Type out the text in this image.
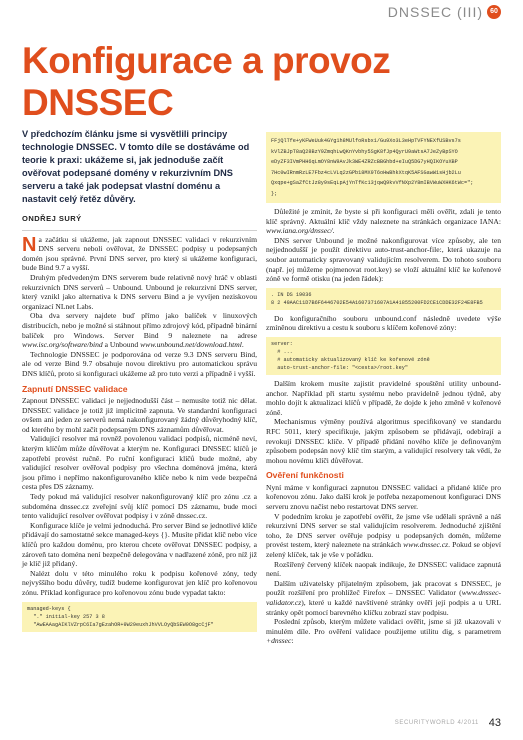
DNSSEC (III)	60
Konfigurace a provoz DNSSEC
V předchozím článku jsme si vysvětlili principy technologie DNSSEC. V tomto díle se dostáváme od teorie k praxi: ukážeme si, jak jednoduše začít ověřovat podepsané domény v rekurzivním DNS serveru a také jak podepsat vlastní doménu a nastavit celý řetěz důvěry.
ONDŘEJ SURÝ

Na začátku si ukážeme, jak zapnout DNSSEC validaci v rekurzivním DNS serveru neboli ověřovat, že DNSSEC podpisy u podepsaných domén jsou správné. První DNS server, pro který si ukážeme konfiguraci, bude Bind 9.7 a vyšší.

Druhým předvedeným DNS serverem bude relativně nový hráč v oblasti rekurzivních DNS serverů – Unbound. Unbound je rekurzivní DNS server, který vznikl jako alternativa k DNS serveru Bind a je vyvíjen neziskovou organizací NLnet Labs.

Oba dva servery najdete buď přímo jako balíček v linuxových distribucích, nebo je možné si stáhnout přímo zdrojový kód, případně binární balíček pro Windows. Server Bind 9 naleznete na adrese www.isc.org/software/bind a Unbound www.unbound.net/download.html.

Technologie DNSSEC je podporována od verze 9.3 DNS serveru Bind, ale od verze Bind 9.7 obsahuje novou direktivu pro automatickou správu DNS klíčů, proto si konfiguraci ukážeme až pro tuto verzi a případně i vyšší.

Zapnutí DNSSEC validace

Zapnout DNSSEC validaci je nejjednodušší část – nemusíte totiž nic dělat. DNSSEC validace je totiž již implicitně zapnuta. Ve standardní konfiguraci ovšem ani jeden ze serverů nemá nakonfigurovaný žádný důvěryhodný klíč, od kterého by mohl začít podepsaným DNS záznamům důvěřovat.

Validující resolver má rovněž povolenou validaci podpisů, nicméně neví, kterým klíčům může důvěřovat a kterým ne. Konfiguraci DNSSEC klíčů je zapotřebí provést ručně. Po ruční konfiguraci klíčů bude možné, aby validující resolver ověřoval podpisy pro všechna doménová jména, která jsou přímo i nepřímo nakonfigurovaného klíče nebo k nim vede bezpečná cesta přes DS záznamy.

Tedy pokud má validující resolver nakonfigurovaný klíč pro zónu .cz a subdoména dnssec.cz zveřejní svůj klíč pomocí DS záznamu, bude moci tento validující resolver ověřovat podpisy i v zóně dnssec.cz.

Konfigurace klíče je velmi jednoduchá. Pro server Bind se jednotlivé klíče přidávají do samostatné sekce managed-keys {}. Musíte přidat klíč nebo více klíčů pro každou doménu, pro kterou chcete ověřovat DNSSEC podpisy, a zároveň tato doména není bezpečně delegována v nadřazené zóně, pro níž již je klíč již přidaný.

Nalézt dolu v této minulého roku k podpisu kořenové zóny, tedy nejvyššího bodu důvěry, tudíž budeme konfigurovat jen klíč pro kořenovou zónu. Příklad konfigurace pro kořenovou zónu bude vypadat takto:

managed-keys {
"." initial-key 257 3 8
"AwEAAagAIKlVZrpC6Ia7gEzahOR+9W29euxhJhVVLOyQbSEW0O8gcCjF"
FFjQlTfe+yKFWeUuk4GYg1h8MUlfoRsbx1/Gu9Xo3L3eHpTVFYNEXfUSBvs7s
kVlZBJpT8aQ28BzY9ZmqhLwQKnYvbhy5SgK8fJp4QyrU9aWtsA7JeZyBpSYO
eDyZF3IVmPHH6qLmOY8nW9AvJk3WE4ZRZcBBGhbd+eIuQ5DG7yHQIKOYuXBP
7Hc0wIRnmRzLE7Fbz4cLVLq2zGPb18MX9T6oHwBhkXtqK5AFSGawW1sHjb2Lu
Qxqpe+gSaZfCtJz8y9sEqLpAjYnTfKc13jqwQ9kvVfNXp2Y8mIBVWuWXHK6tWc=";
};

Důležité je zmínit, že byste si při konfiguraci měli ověřit, zdali je tento klíč správný. Aktuální klíč vždy naleznete na stránkách organizace IANA: www.iana.org/dnssec/.

DNS server Unbound je možné nakonfigurovat více způsoby, ale ten nejjednodušší je použít direktivu auto-trust-anchor-file:, která ukazuje na soubor automaticky spravovaný validujícím resolverem. Do tohoto souboru (např. jej můžeme pojmenovat root.key) se vloží aktuální klíč ke kořenové zóně ve formě otisku (na jeden řádek):

. IN DS 19036
8 2 49AAC11D7B6F6446702E54A1607371607A1A41855200FD2CE1CDDE32F24E8FB5

Do konfiguračního souboru unbound.conf následně uvedete výše zmíněnou direktivu a cestu k souboru s klíčem kořenové zóny:

server:
# ...
# automaticky aktualizovaný klíč ke kořenové zóně
auto-trust-anchor-file: "<cesta>/root.key"

Dalším krokem musíte zajistit pravidelné spouštění utility unbound-anchor. Například při startu systému nebo pravidelně jednou týdně, aby mohlo dojít k aktualizaci klíčů v případě, že dojde k jeho změně v kořenové zóně.

Mechanismus výměny používá algoritmus specifikovaný ve standardu RFC 5011, který specifikuje, jakým způsobem se přidávají, odebírají a revokují DNSSEC klíče. V případě přidání nového klíče je definovaným způsobem podepsán nový klíč tím starým, a validující resolvery tak vědí, že mohou novému klíči důvěřovat.

Ověření funkčnosti

Nyní máme v konfiguraci zapnutou DNSSEC validaci a přidané klíče pro kořenovou zónu. Jako další krok je potřeba nezapomenout konfiguraci DNS serveru znovu načíst nebo restartovat DNS server.

V podedním kroku je zapotřebí ověřit, že jsme vše udělali správně a náš rekurzivní DNS server se stal validujícím resolverem. Jednoduché zjištění toho, že DNS server ověřuje podpisy u podepsaných domén, můžeme provést testem, který naleznete na stránkách www.dnssec.cz. Pokud se objeví zelený klíček, tak je vše v pořádku.

Rozšířený červený klíček naopak indikuje, že DNSSEC validace zapnutá není.

Dalším uživatelsky přijatelným způsobem, jak pracovat s DNSSEC, je použít rozšíření pro prohlížeč Firefox – DNSSEC Validator (www.dnssec-validator.cz), které u každé navštívené stránky ověří její podpis a u URL stránky opět pomocí barevného klíčku zobrazí stav podpisu.

Poslední způsob, kterým můžete validaci ověřit, jsme si již ukazovali v minulém díle. Pro ověření validace použijeme utilitu dig, s parametrem +dnssec:

SECURITYWORLD 4/2011 43
